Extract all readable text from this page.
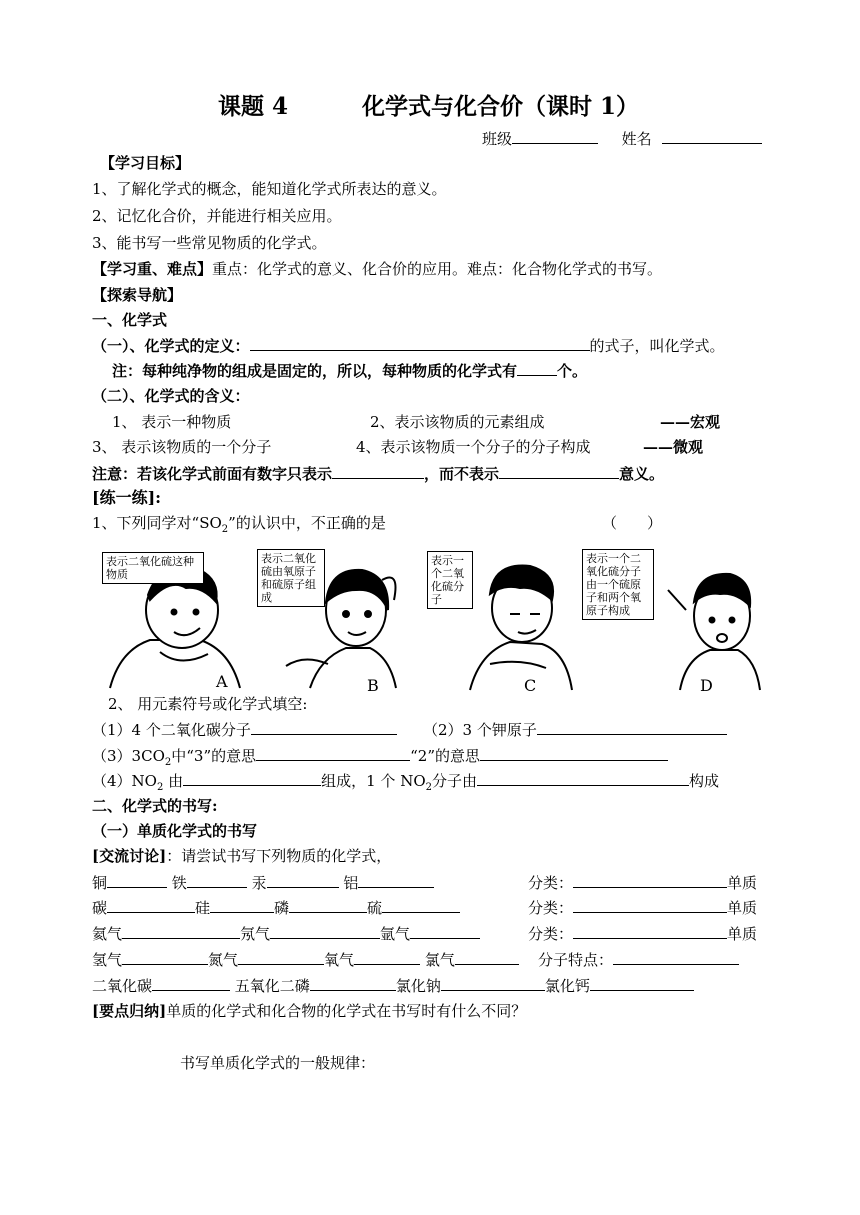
课题 4	化学式与化合价（课时 1）
班级	姓名
【学习目标】
1、了解化学式的概念，能知道化学式所表达的意义。
2、记忆化合价，并能进行相关应用。
3、能书写一些常见物质的化学式。
【学习重、难点】重点：化学式的意义、化合价的应用。难点：化合物化学式的书写。
【探索导航】
一、化学式
（一）、化学式的定义：	的式子，叫化学式。
注：每种纯净物的组成是固定的，所以，每种物质的化学式有	个。
（二）、化学式的含义：
1、 表示一种物质	2、表示该物质的元素组成	——宏观
3、 表示该物质的一个分子	4、表示该物质一个分子的分子构成	——微观
注意：若该化学式前面有数字只表示	，而不表示	意义。
[练一练]:
1、下列同学对“$SO_2$”的认识中，不正确的是	（　　）
表示二氧化硫这种物质
表示二氧化硫由氧原子和硫原子组成
表示一个二氧化硫分子
表示一个二氧化硫分子由一个硫原子和两个氧原子构成
A	B	C	D
2、 用元素符号或化学式填空:
（1）4 个二氧化碳分子	（2）3 个钾原子
$(3)3CO_2$中“3”的意思	“2”的意思
$(4)NO_2$ 由	组成，1 个 $NO_2$分子由	构成
二、化学式的书写:
（一）单质化学式的书写
[交流讨论]：请尝试书写下列物质的化学式，
铜	铁	汞	铝	分类：	单质
碳	硅	磷	硫	分类：	单质
氦气	氖气	氩气	分类：	单质
氢气	氮气	氧气	氯气	分子特点：
二氧化碳	五氧化二磷	氯化钠	氯化钙
[要点归纳]单质的化学式和化合物的化学式在书写时有什么不同？
书写单质化学式的一般规律：
